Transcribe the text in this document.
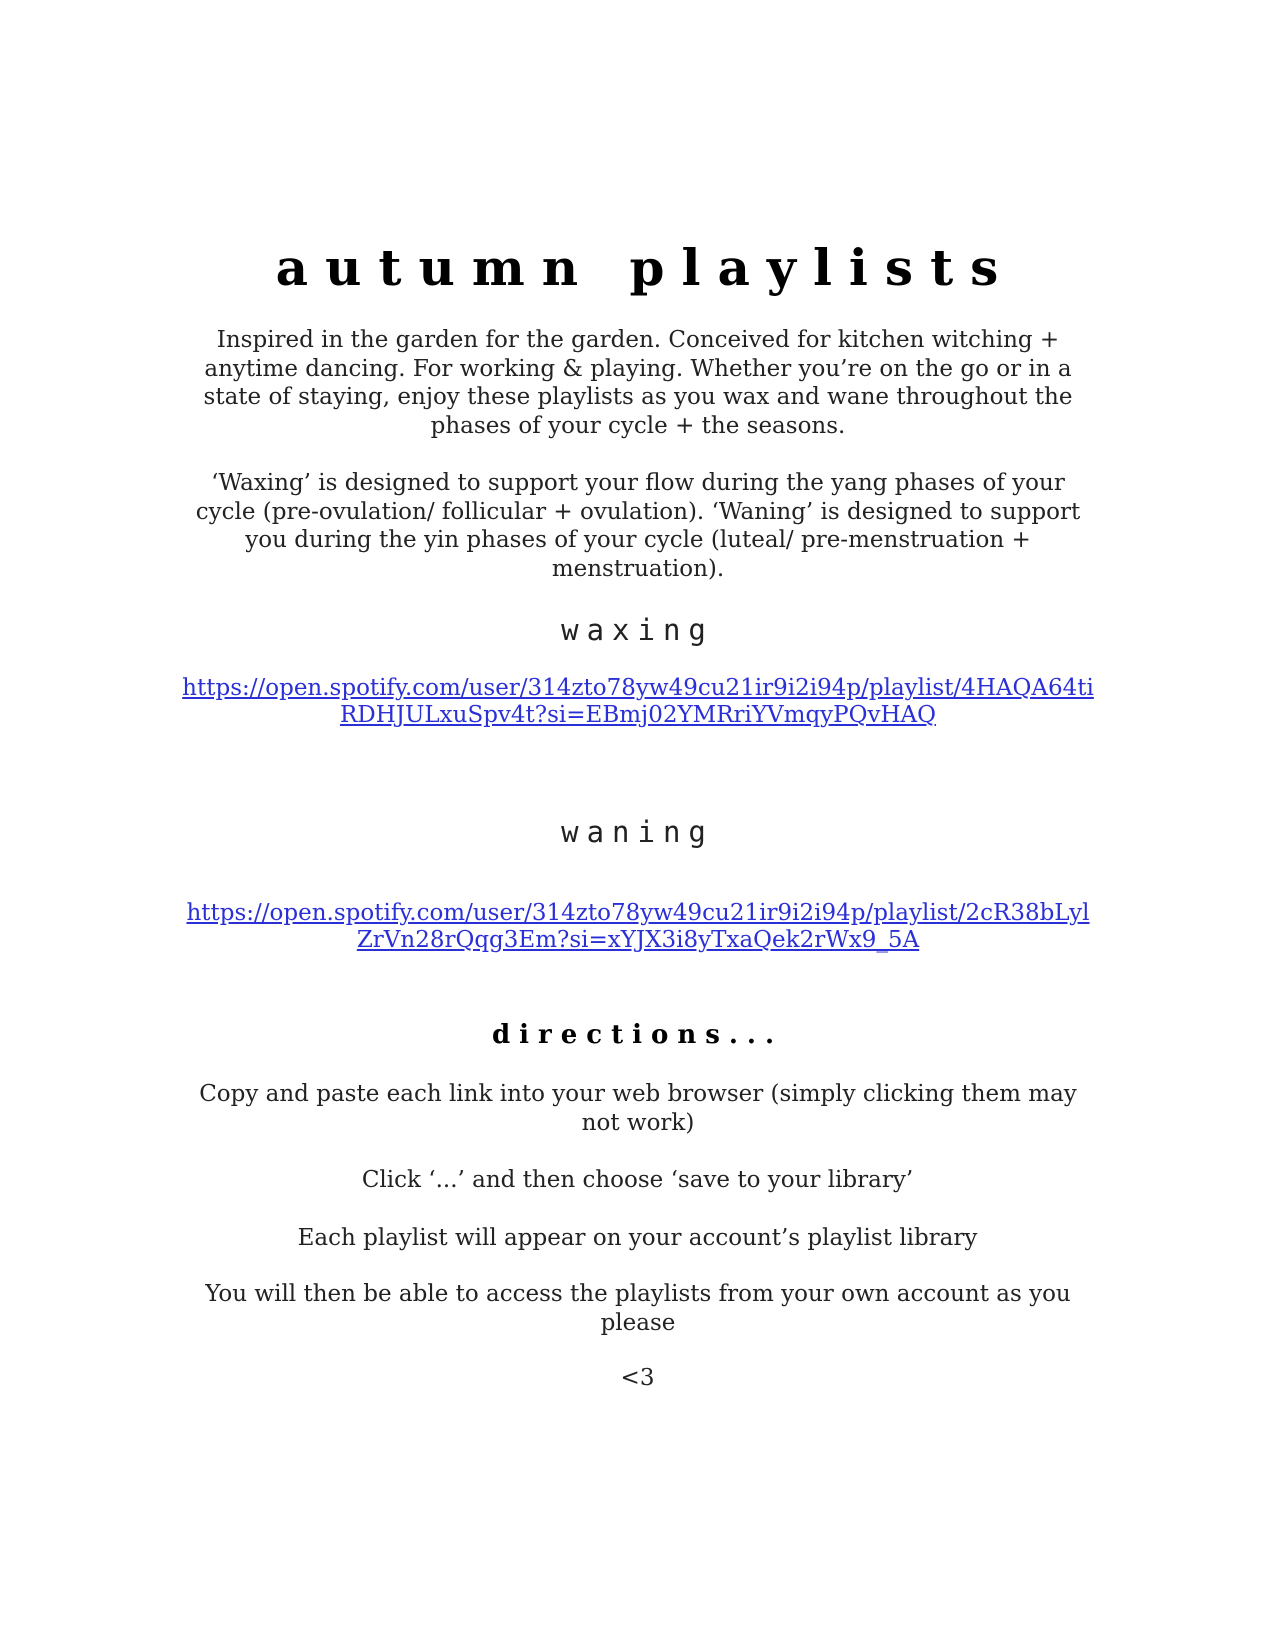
autumn playlists
Inspired in the garden for the garden. Conceived for kitchen witching + anytime dancing. For working & playing. Whether you’re on the go or in a state of staying, enjoy these playlists as you wax and wane throughout the phases of your cycle + the seasons.
‘Waxing’ is designed to support your flow during the yang phases of your cycle (pre-ovulation/ follicular + ovulation). ‘Waning’ is designed to support you during the yin phases of your cycle (luteal/ pre-menstruation + menstruation).
waxing
https://open.spotify.com/user/314zto78yw49cu21ir9i2i94p/playlist/4HAQA64tiRDHJULxuSpv4t?si=EBmj02YMRriYVmqyPQvHAQ
waning
https://open.spotify.com/user/314zto78yw49cu21ir9i2i94p/playlist/2cR38bLylZrVn28rQqg3Em?si=xYJX3i8yTxaQek2rWx9_5A
directions...
Copy and paste each link into your web browser (simply clicking them may not work)
Click ‘...’ and then choose ‘save to your library’
Each playlist will appear on your account’s playlist library
You will then be able to access the playlists from your own account as you please
<3
